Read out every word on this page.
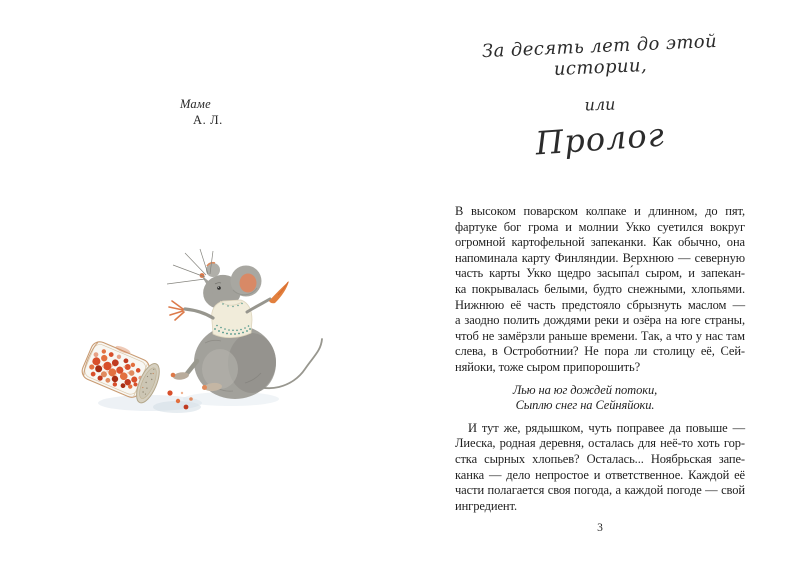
Маме
А. Л.
За десять лет до этой истории,
или
Пролог
В высоком поварском колпаке и длинном, до пят,
фартуке бог грома и молнии Укко суетился вокруг
огромной картофельной запеканки. Как обычно, она
напоминала карту Финляндии. Верхнюю — северную
часть карты Укко щедро засыпа́л сыром, и запекан-
ка покрывалась белыми, будто снежными, хлопьями.
Нижнюю её часть предстояло сбрызнуть маслом —
а заодно полить дождями реки и озёра на юге страны,
чтоб не замёрзли раньше времени. Так, а что у нас там
слева, в Остроботнии? Не пора ли столицу её, Сей-
няйоки, тоже сыром припорошить?
Лью на юг дождей потоки,
Сыплю снег на Сейняйоки.
И тут же, рядышком, чуть поправее да повыше —
Лиеска, родная деревня, осталась для неё-то хоть гор-
стка сырных хлопьев? Осталась... Ноябрьская запе-
канка — дело непростое и ответственное. Каждой её
части полагается своя погода, а каждой погоде — свой
ингредиент.
3
